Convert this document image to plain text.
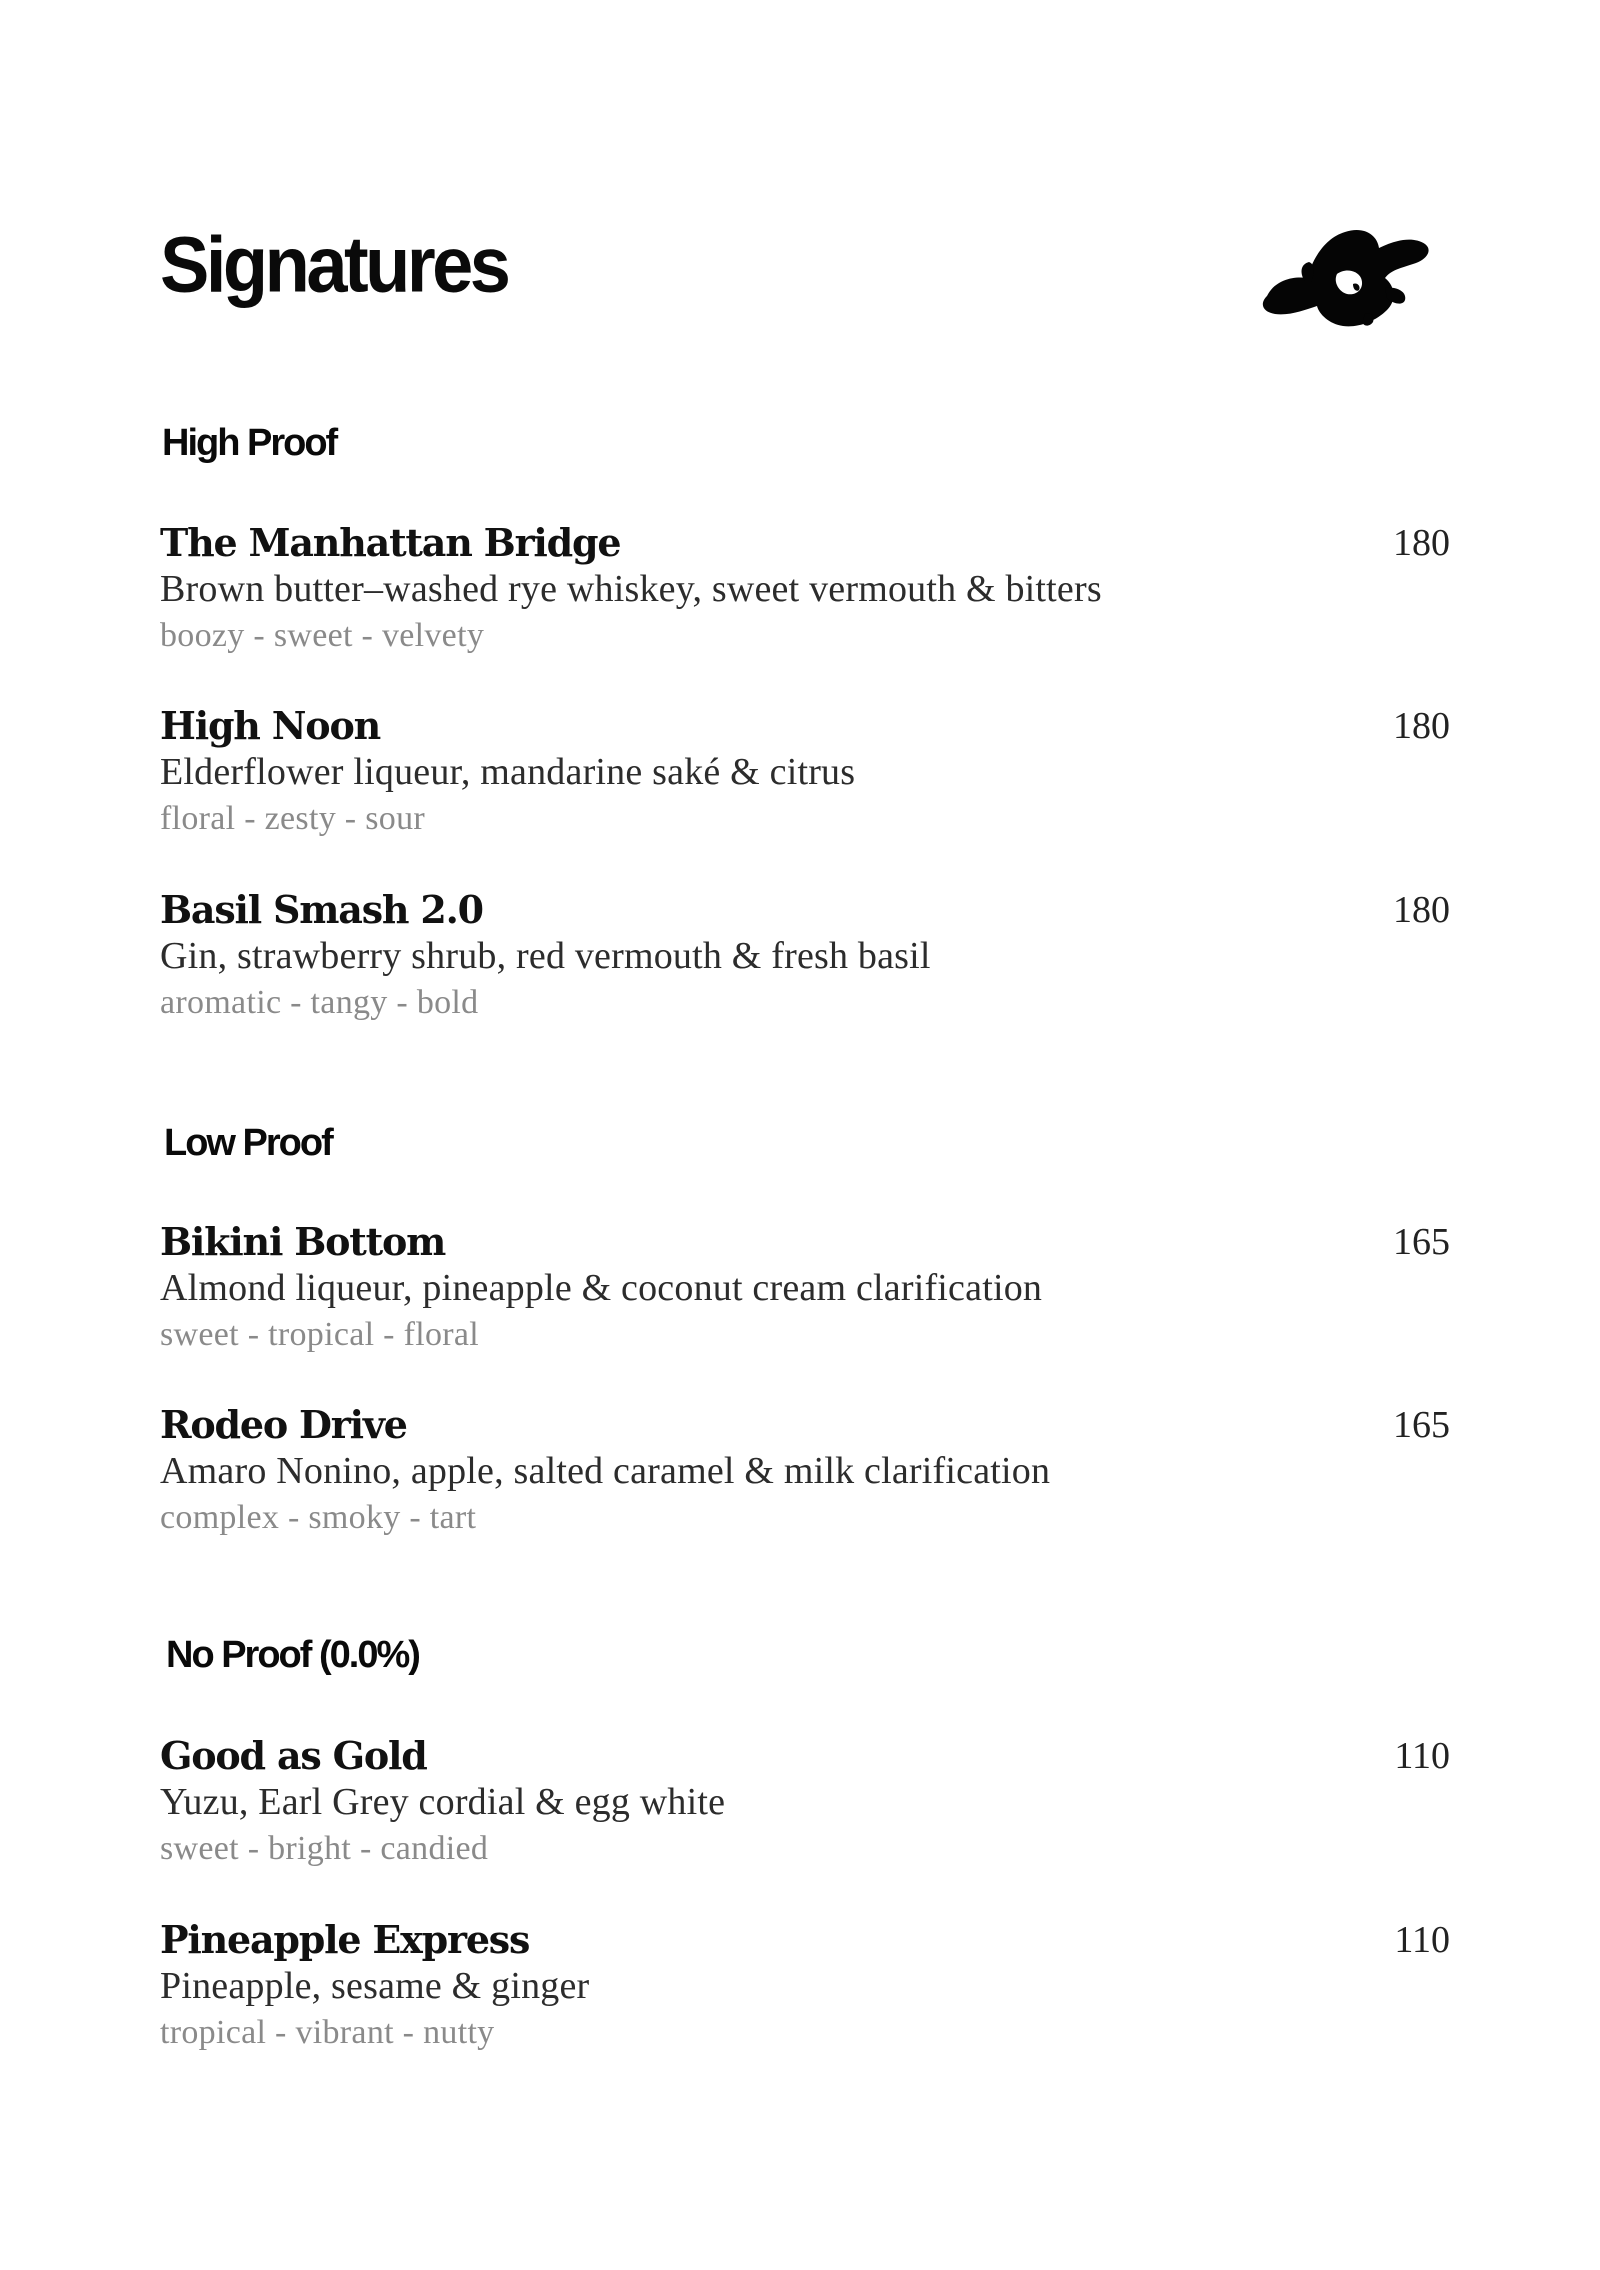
Signatures
High Proof
The Manhattan Bridge	180
Brown butter–washed rye whiskey, sweet vermouth & bitters
boozy - sweet - velvety
High Noon	180
Elderflower liqueur, mandarine saké & citrus
floral - zesty - sour
Basil Smash 2.0	180
Gin, strawberry shrub, red vermouth & fresh basil
aromatic - tangy - bold
Low Proof
Bikini Bottom	165
Almond liqueur, pineapple & coconut cream clarification
sweet - tropical - floral
Rodeo Drive	165
Amaro Nonino, apple, salted caramel & milk clarification
complex - smoky - tart
No Proof (0.0%)
Good as Gold	110
Yuzu, Earl Grey cordial & egg white
sweet - bright - candied
Pineapple Express	110
Pineapple, sesame & ginger
tropical - vibrant - nutty
